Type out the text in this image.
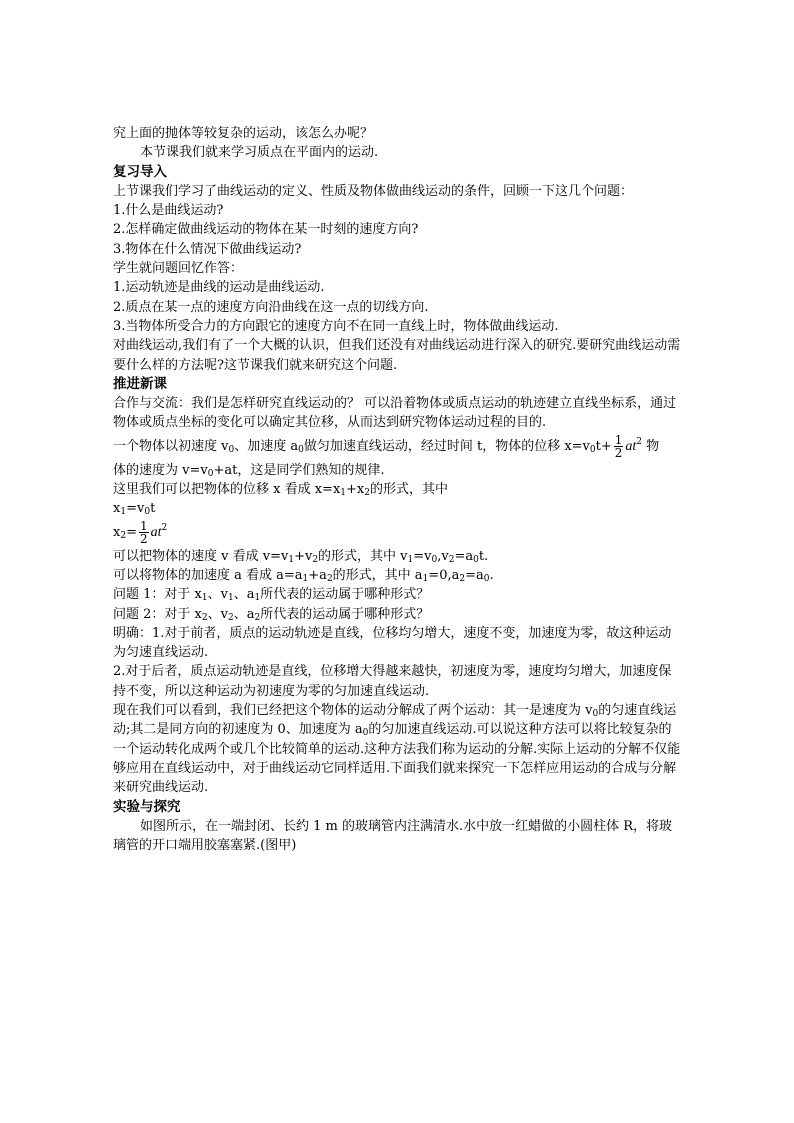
究上面的抛体等较复杂的运动，该怎么办呢？
本节课我们就来学习质点在平面内的运动.
复习导入
上节课我们学习了曲线运动的定义、性质及物体做曲线运动的条件，回顾一下这几个问题：
1.什么是曲线运动?
2.怎样确定做曲线运动的物体在某一时刻的速度方向?
3.物体在什么情况下做曲线运动?
学生就问题回忆作答：
1.运动轨迹是曲线的运动是曲线运动.
2.质点在某一点的速度方向沿曲线在这一点的切线方向.
3.当物体所受合力的方向跟它的速度方向不在同一直线上时，物体做曲线运动.
对曲线运动,我们有了一个大概的认识，但我们还没有对曲线运动进行深入的研究.要研究曲线运动需要什么样的方法呢?这节课我们就来研究这个问题.
推进新课
合作与交流：我们是怎样研究直线运动的？ 可以沿着物体或质点运动的轨迹建立直线坐标系，通过物体或质点坐标的变化可以确定其位移，从而达到研究物体运动过程的目的.
一个物体以初速度 $v_0$、加速度 $a_0$做匀加速直线运动，经过时间 t，物体的位移 $x=v_0t+ \frac{1}{2} at^2$ 物
体的速度为 $v=v_0+at$，这是同学们熟知的规律.
这里我们可以把物体的位移 x 看成 $x=x_1+x_2$的形式，其中
$x_1=v_0t$
$x_2= \frac{1}{2} at^2$
可以把物体的速度 v 看成 $v=v_1+v_2$的形式，其中 $v_1=v_0,v_2=a_0t$.
可以将物体的加速度 a 看成 $a=a_1+a_2$的形式，其中 $a_1=0,a_2=a_0$.
问题 1：对于 $x_1$、$v_1$、$a_1$所代表的运动属于哪种形式？
问题 2：对于 $x_2$、$v_2$、$a_2$所代表的运动属于哪种形式？
明确：1.对于前者，质点的运动轨迹是直线，位移均匀增大，速度不变，加速度为零，故这种运动为匀速直线运动.
2.对于后者，质点运动轨迹是直线，位移增大得越来越快，初速度为零，速度均匀增大，加速度保持不变，所以这种运动为初速度为零的匀加速直线运动.
现在我们可以看到，我们已经把这个物体的运动分解成了两个运动：其一是速度为 $v_0$的匀速直线运动;其二是同方向的初速度为 0、加速度为 $a_0$的匀加速直线运动.可以说这种方法可以将比较复杂的一个运动转化成两个或几个比较简单的运动.这种方法我们称为运动的分解.实际上运动的分解不仅能够应用在直线运动中，对于曲线运动它同样适用.下面我们就来探究一下怎样应用运动的合成与分解来研究曲线运动.
实验与探究
如图所示，在一端封闭、长约 1 m 的玻璃管内注满清水.水中放一红蜡做的小圆柱体 R，将玻璃管的开口端用胶塞塞紧.(图甲)
